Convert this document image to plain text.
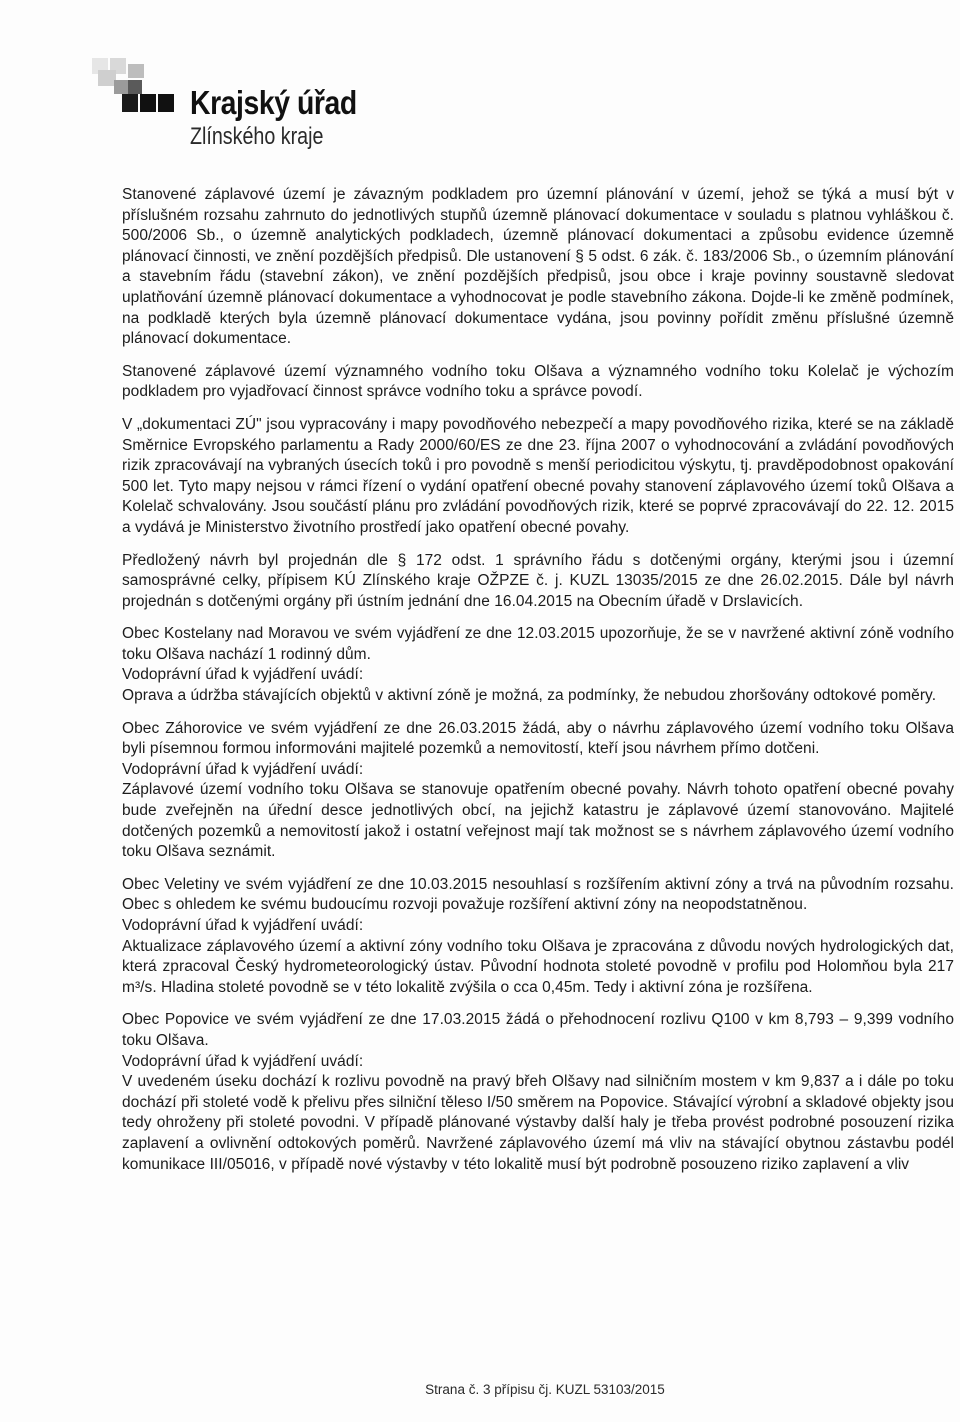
Krajský úřad
Zlínského kraje

Stanovené záplavové území je závazným podkladem pro územní plánování v území, jehož se týká a musí být v příslušném rozsahu zahrnuto do jednotlivých stupňů územně plánovací dokumentace v souladu s platnou vyhláškou č. 500/2006 Sb., o územně analytických podkladech, územně plánovací dokumentaci a způsobu evidence územně plánovací činnosti, ve znění pozdějších předpisů. Dle ustanovení § 5 odst. 6 zák. č. 183/2006 Sb., o územním plánování a stavebním řádu (stavební zákon), ve znění pozdějších předpisů, jsou obce i kraje povinny soustavně sledovat uplatňování územně plánovací dokumentace a vyhodnocovat je podle stavebního zákona. Dojde-li ke změně podmínek, na podkladě kterých byla územně plánovací dokumentace vydána, jsou povinny pořídit změnu příslušné územně plánovací dokumentace.

Stanovené záplavové území významného vodního toku Olšava a významného vodního toku Kolelač je výchozím podkladem pro vyjadřovací činnost správce vodního toku a správce povodí.

V „dokumentaci ZÚ" jsou vypracovány i mapy povodňového nebezpečí a mapy povodňového rizika, které se na základě Směrnice Evropského parlamentu a Rady 2000/60/ES ze dne 23. října 2007 o vyhodnocování a zvládání povodňových rizik zpracovávají na vybraných úsecích toků i pro povodně s menší periodicitou výskytu, tj. pravděpodobnost opakování 500 let. Tyto mapy nejsou v rámci řízení o vydání opatření obecné povahy stanovení záplavového území toků Olšava a Kolelač schvalovány. Jsou součástí plánu pro zvládání povodňových rizik, které se poprvé zpracovávají do 22. 12. 2015 a vydává je Ministerstvo životního prostředí jako opatření obecné povahy.

Předložený návrh byl projednán dle § 172 odst. 1 správního řádu s dotčenými orgány, kterými jsou i územní samosprávné celky, přípisem KÚ Zlínského kraje OŽPZE č. j. KUZL 13035/2015 ze dne 26.02.2015. Dále byl návrh projednán s dotčenými orgány při ústním jednání dne 16.04.2015 na Obecním úřadě v Drslavicích.

Obec Kostelany nad Moravou ve svém vyjádření ze dne 12.03.2015 upozorňuje, že se v navržené aktivní zóně vodního toku Olšava nachází 1 rodinný dům.
Vodoprávní úřad k vyjádření uvádí:
Oprava a údržba stávajících objektů v aktivní zóně je možná, za podmínky, že nebudou zhoršovány odtokové poměry.

Obec Záhorovice ve svém vyjádření ze dne 26.03.2015 žádá, aby o návrhu záplavového území vodního toku Olšava byli písemnou formou informováni majitelé pozemků a nemovitostí, kteří jsou návrhem přímo dotčeni.
Vodoprávní úřad k vyjádření uvádí:
Záplavové území vodního toku Olšava se stanovuje opatřením obecné povahy. Návrh tohoto opatření obecné povahy bude zveřejněn na úřední desce jednotlivých obcí, na jejichž katastru je záplavové území stanovováno. Majitelé dotčených pozemků a nemovitostí jakož i ostatní veřejnost mají tak možnost se s návrhem záplavového území vodního toku Olšava seznámit.

Obec Veletiny ve svém vyjádření ze dne 10.03.2015 nesouhlasí s rozšířením aktivní zóny a trvá na původním rozsahu. Obec s ohledem ke svému budoucímu rozvoji považuje rozšíření aktivní zóny na neopodstatněnou.
Vodoprávní úřad k vyjádření uvádí:
Aktualizace záplavového území a aktivní zóny vodního toku Olšava je zpracována z důvodu nových hydrologických dat, která zpracoval Český hydrometeorologický ústav. Původní hodnota stoleté povodně v profilu pod Holomňou byla 217 m³/s. Hladina stoleté povodně se v této lokalitě zvýšila o cca 0,45m. Tedy i aktivní zóna je rozšířena.

Obec Popovice ve svém vyjádření ze dne 17.03.2015 žádá o přehodnocení rozlivu Q100 v km 8,793 – 9,399 vodního toku Olšava.
Vodoprávní úřad k vyjádření uvádí:
V uvedeném úseku dochází k rozlivu povodně na pravý břeh Olšavy nad silničním mostem v km 9,837 a i dále po toku dochází při stoleté vodě k přelivu přes silniční těleso I/50 směrem na Popovice. Stávající výrobní a skladové objekty jsou tedy ohroženy při stoleté povodni. V případě plánované výstavby další haly je třeba provést podrobné posouzení rizika zaplavení a ovlivnění odtokových poměrů. Navržené záplavového území má vliv na stávající obytnou zástavbu podél komunikace III/05016, v případě nové výstavby v této lokalitě musí být podrobně posouzeno riziko zaplavení a vliv

Strana č. 3 přípisu čj. KUZL 53103/2015
